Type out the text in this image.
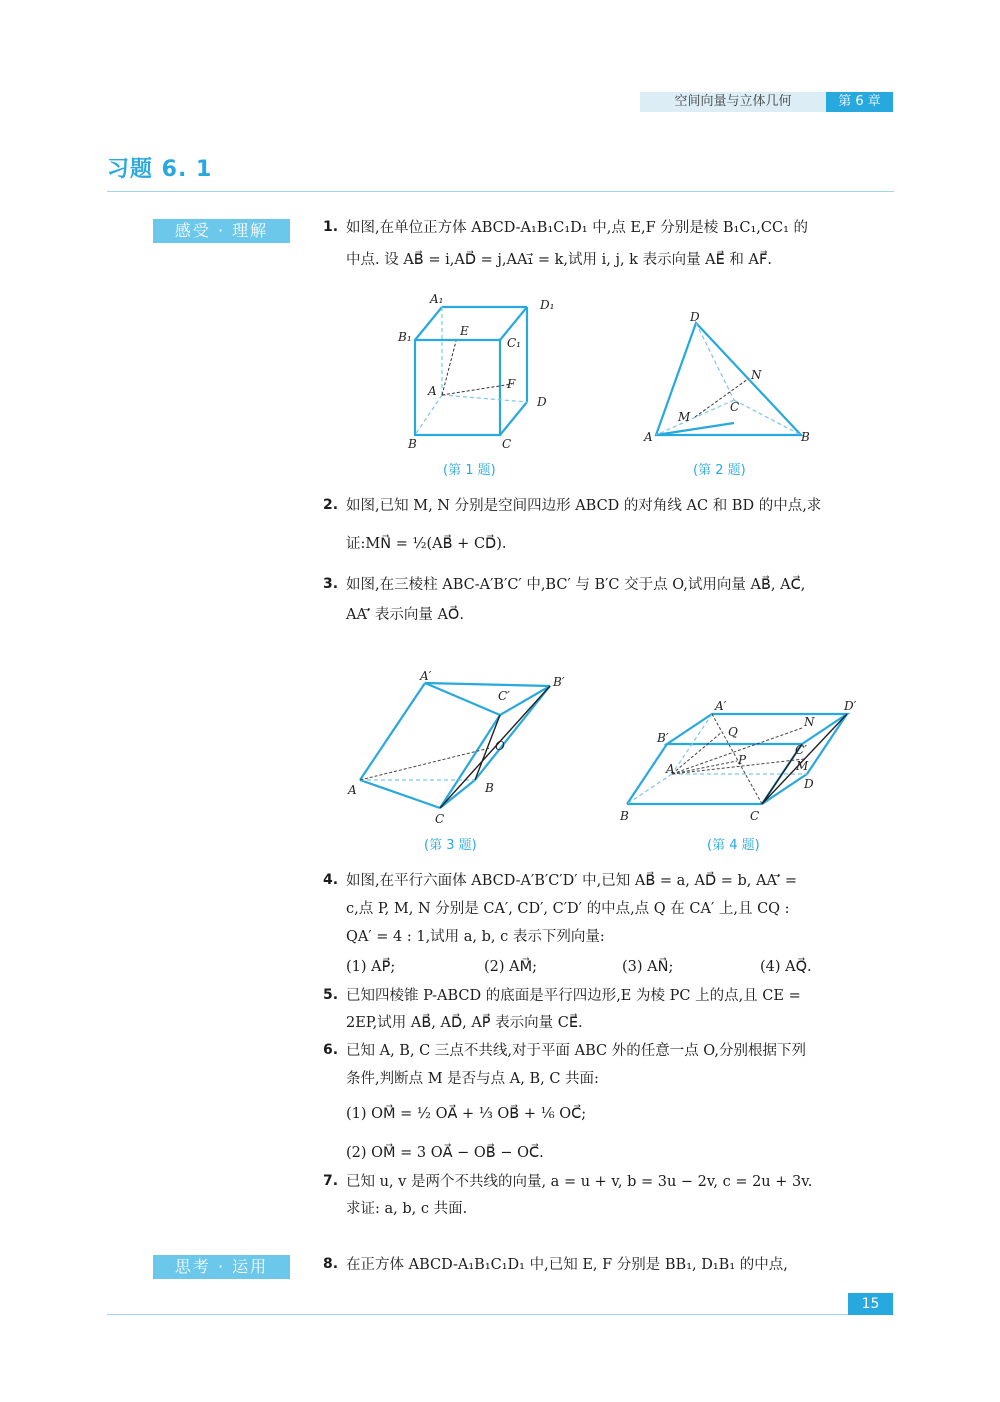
空间向量与立体几何	第 6 章
习题 6. 1
感受 · 理解	1. 如图,在单位正方体 ABCD-A₁B₁C₁D₁ 中,点 E,F 分别是棱 B₁C₁,CC₁ 的
中点. 设 AB⃗ = i,AD⃗ = j,AA₁⃗ = k,试用 i, j, k 表示向量 AE⃗ 和 AF⃗.
A₁	D₁
B₁	C₁
E
A	F
D
B	C
D
N
C
M
A	B
(第 1 题)	(第 2 题)
2. 如图,已知 M, N 分别是空间四边形 ABCD 的对角线 AC 和 BD 的中点,求
证:MN⃗ = ½(AB⃗ + CD⃗).
3. 如图,在三棱柱 ABC-A′B′C′ 中,BC′ 与 B′C 交于点 O,试用向量 AB⃗, AC⃗,
AA′⃗ 表示向量 AO⃗.
A′
C′
B′
O
A	B
C
A′	D′
Q
B′
N
C′
A
P	M
D
B	C
(第 3 题)	(第 4 题)
4. 如图,在平行六面体 ABCD-A′B′C′D′ 中,已知 AB⃗ = a, AD⃗ = b, AA′⃗ =
c,点 P, M, N 分别是 CA′, CD′, C′D′ 的中点,点 Q 在 CA′ 上,且 CQ :
QA′ = 4 : 1,试用 a, b, c 表示下列向量:
(1) AP⃗;	(2) AM⃗;	(3) AN⃗;	(4) AQ⃗.
5. 已知四棱锥 P-ABCD 的底面是平行四边形,E 为棱 PC 上的点,且 CE =
2EP,试用 AB⃗, AD⃗, AP⃗ 表示向量 CE⃗.
6. 已知 A, B, C 三点不共线,对于平面 ABC 外的任意一点 O,分别根据下列
条件,判断点 M 是否与点 A, B, C 共面:
(1) OM⃗ = ½ OA⃗ + ⅓ OB⃗ + ⅙ OC⃗;
(2) OM⃗ = 3 OA⃗ − OB⃗ − OC⃗.
7. 已知 u, v 是两个不共线的向量, a = u + v, b = 3u − 2v, c = 2u + 3v.
求证: a, b, c 共面.
思考 · 运用	8. 在正方体 ABCD-A₁B₁C₁D₁ 中,已知 E, F 分别是 BB₁, D₁B₁ 的中点,
15
